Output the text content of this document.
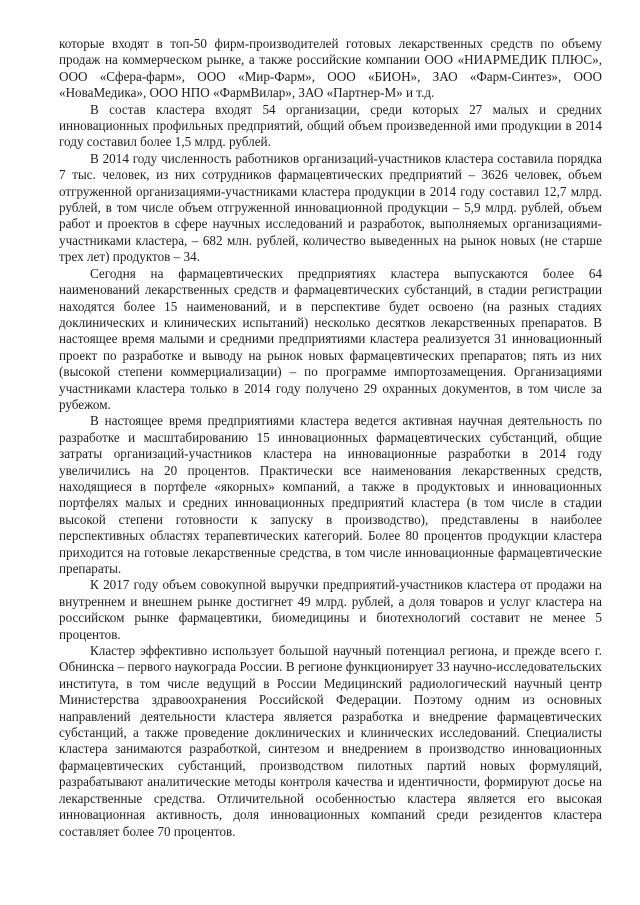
которые входят в топ-50 фирм-производителей готовых лекарственных средств по объему продаж на коммерческом рынке, а также российские компании ООО «НИАРМЕДИК ПЛЮС», ООО «Сфера-фарм», ООО «Мир-Фарм», ООО «БИОН», ЗАО «Фарм-Синтез», ООО «НоваМедика», ООО НПО «ФармВилар», ЗАО «Партнер-М» и т.д.

В состав кластера входят 54 организации, среди которых 27 малых и средних инновационных профильных предприятий, общий объем произведенной ими продукции в 2014 году составил более 1,5 млрд. рублей.

В 2014 году численность работников организаций-участников кластера составила порядка 7 тыс. человек, из них сотрудников фармацевтических предприятий – 3626 человек, объем отгруженной организациями-участниками кластера продукции в 2014 году составил 12,7 млрд. рублей, в том числе объем отгруженной инновационной продукции – 5,9 млрд. рублей, объем работ и проектов в сфере научных исследований и разработок, выполняемых организациями-участниками кластера, – 682 млн. рублей, количество выведенных на рынок новых (не старше трех лет) продуктов – 34.

Сегодня на фармацевтических предприятиях кластера выпускаются более 64 наименований лекарственных средств и фармацевтических субстанций, в стадии регистрации находятся более 15 наименований, и в перспективе будет освоено (на разных стадиях доклинических и клинических испытаний) несколько десятков лекарственных препаратов. В настоящее время малыми и средними предприятиями кластера реализуется 31 инновационный проект по разработке и выводу на рынок новых фармацевтических препаратов; пять из них (высокой степени коммерциализации) – по программе импортозамещения. Организациями участниками кластера только в 2014 году получено 29 охранных документов, в том числе за рубежом.

В настоящее время предприятиями кластера ведется активная научная деятельность по разработке и масштабированию 15 инновационных фармацевтических субстанций, общие затраты организаций-участников кластера на инновационные разработки в 2014 году увеличились на 20 процентов. Практически все наименования лекарственных средств, находящиеся в портфеле «якорных» компаний, а также в продуктовых и инновационных портфелях малых и средних инновационных предприятий кластера (в том числе в стадии высокой степени готовности к запуску в производство), представлены в наиболее перспективных областях терапевтических категорий. Более 80 процентов продукции кластера приходится на готовые лекарственные средства, в том числе инновационные фармацевтические препараты.

К 2017 году объем совокупной выручки предприятий-участников кластера от продажи на внутреннем и внешнем рынке достигнет 49 млрд. рублей, а доля товаров и услуг кластера на российском рынке фармацевтики, биомедицины и биотехнологий составит не менее 5 процентов.

Кластер эффективно использует большой научный потенциал региона, и прежде всего г. Обнинска – первого наукограда России. В регионе функционирует 33 научно-исследовательских института, в том числе ведущий в России Медицинский радиологический научный центр Министерства здравоохранения Российской Федерации. Поэтому одним из основных направлений деятельности кластера является разработка и внедрение фармацевтических субстанций, а также проведение доклинических и клинических исследований. Специалисты кластера занимаются разработкой, синтезом и внедрением в производство инновационных фармацевтических субстанций, производством пилотных партий новых формуляций, разрабатывают аналитические методы контроля качества и идентичности, формируют досье на лекарственные средства. Отличительной особенностью кластера является его высокая инновационная активность, доля инновационных компаний среди резидентов кластера составляет более 70 процентов.
